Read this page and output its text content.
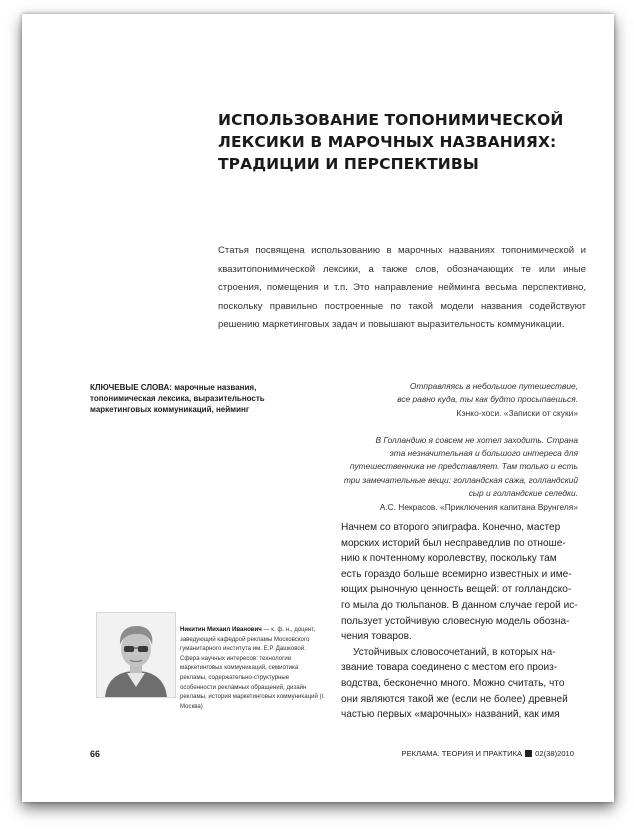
ИСПОЛЬЗОВАНИЕ ТОПОНИМИЧЕСКОЙ
ЛЕКСИКИ В МАРОЧНЫХ НАЗВАНИЯХ:
ТРАДИЦИИ И ПЕРСПЕКТИВЫ
Статья посвящена использованию в марочных названиях топонимической и квазитопонимической лексики, а также слов, обозначающих те или иные строения, помещения и т.п. Это направление нейминга весьма перспективно, поскольку правильно построенные по такой модели названия содействуют решению маркетинговых задач и повышают выразительность коммуникации.
КЛЮЧЕВЫЕ СЛОВА: марочные названия, топонимическая лексика, выразительность маркетинговых коммуникаций, нейминг
Отправляясь в небольшое путешествие,
все равно куда, ты как будто просыпаешься.
Кэнко-хоси. «Записки от скуки»
В Голландию я совсем не хотел заходить. Страна
эта незначительная и большого интереса для
путешественника не представляет. Там только и есть
три замечательные вещи: голландская сажа, голландский
сыр и голландские селедки.
А.С. Некрасов. «Приключения капитана Врунгеля»
Начнем со второго эпиграфа. Конечно, мастер
морских историй был несправедлив по отноше-
нию к почтенному королевству, поскольку там
есть гораздо больше всемирно известных и име-
ющих рыночную ценность вещей: от голландско-
го мыла до тюльпанов. В данном случае герой ис-
пользует устойчивую словесную модель обозна-
чения товаров.
Устойчивых словосочетаний, в которых на-
звание товара соединено с местом его произ-
водства, бесконечно много. Можно считать, что
они являются такой же (если не более) древней
частью первых «марочных» названий, как имя
Никитин Михаил Иванович — к. ф. н., доцент, заведующий кафедрой рекламы Московского гуманитарного института им. Е.Р. Дашковой. Сфера научных интересов: технологии маркетинговых коммуникаций, семиотика рекламы, содержательно-структурные особенности рекламных обращений, дизайн рекламы, история маркетинговых коммуникаций (г. Москва)
66	РЕКЛАМА. ТЕОРИЯ И ПРАКТИКА 02(38)2010
